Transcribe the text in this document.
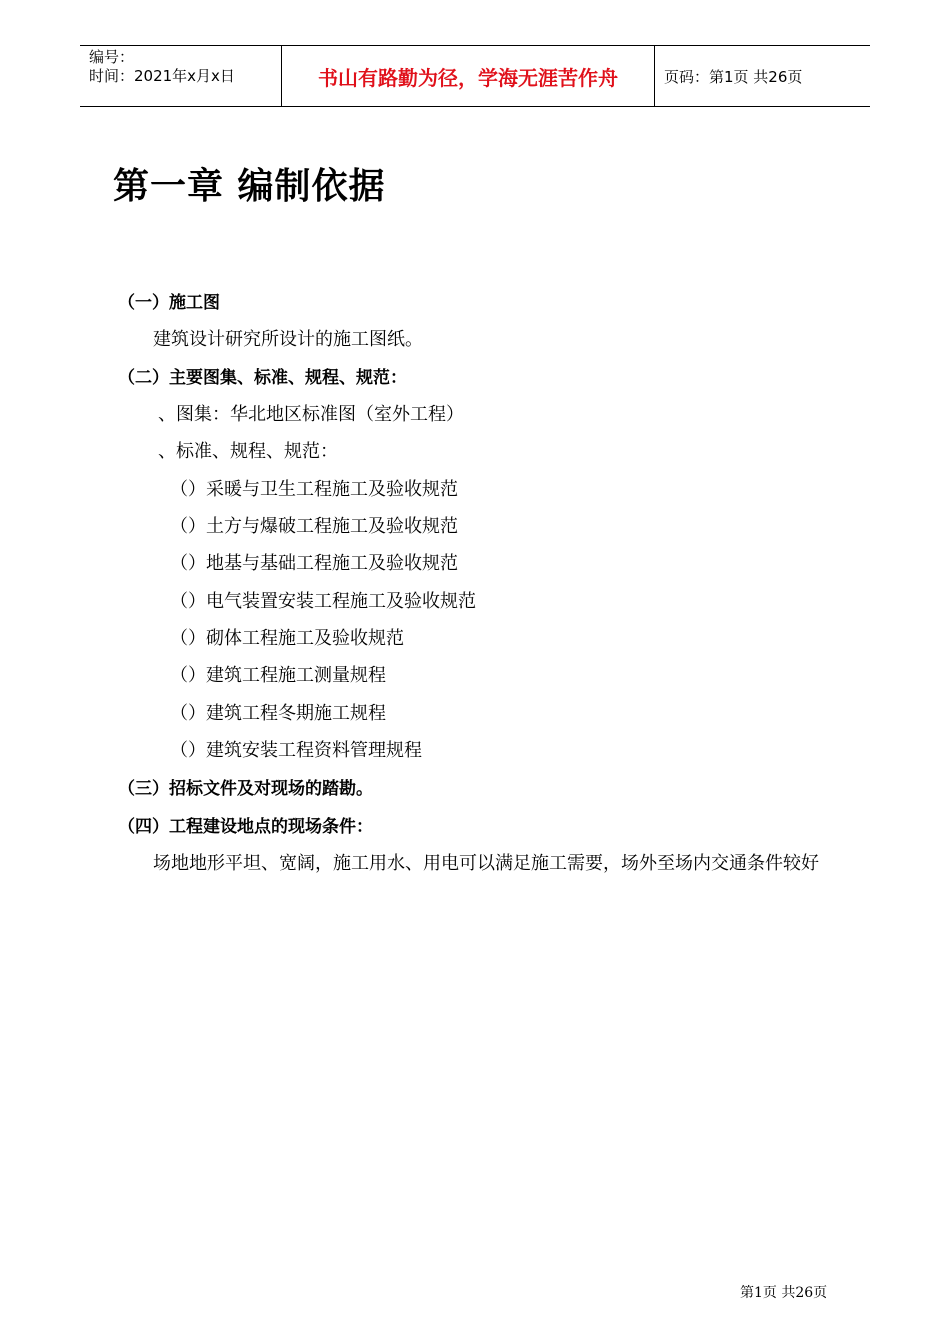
编号：
时间：2021年x月x日	书山有路勤为径，学海无涯苦作舟	页码：第1页 共26页
第一章 编制依据
（一）施工图
建筑设计研究所设计的施工图纸。
（二）主要图集、标准、规程、规范：
、图集：华北地区标准图（室外工程）
、标准、规程、规范：
（）采暖与卫生工程施工及验收规范
（）土方与爆破工程施工及验收规范
（）地基与基础工程施工及验收规范
（）电气装置安装工程施工及验收规范
（）砌体工程施工及验收规范
（）建筑工程施工测量规程
（）建筑工程冬期施工规程
（）建筑安装工程资料管理规程
（三）招标文件及对现场的踏勘。
（四）工程建设地点的现场条件：
场地地形平坦、宽阔，施工用水、用电可以满足施工需要，场外至场内交通条件较好
第1页 共26页
